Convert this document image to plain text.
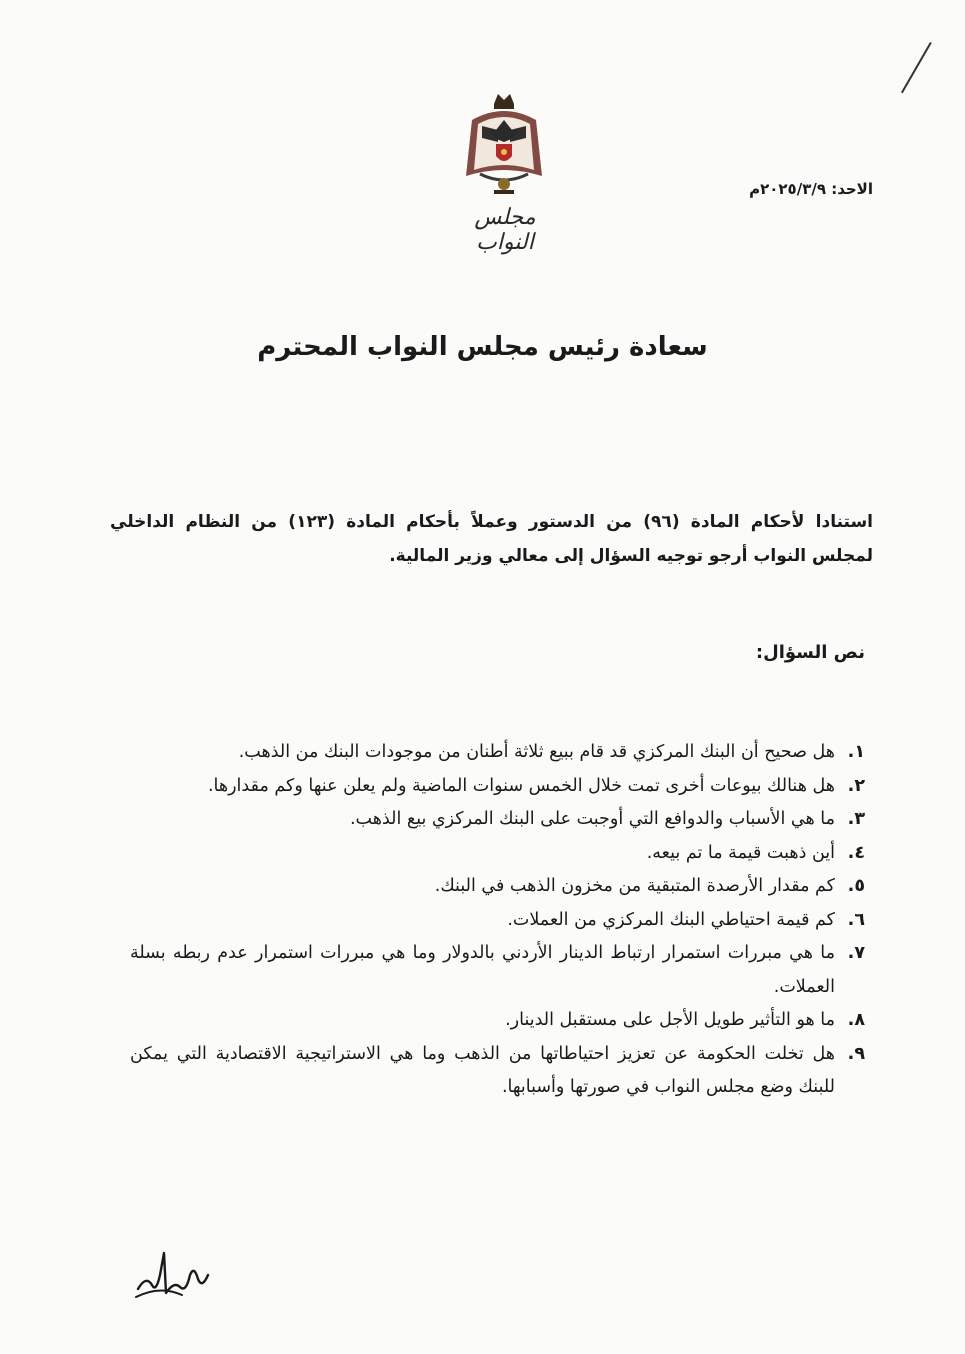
مجلس النواب
الاحد: ٢٠٢٥/٣/٩م
سعادة رئيس مجلس النواب المحترم
استنادا لأحكام المادة (٩٦) من الدستور وعملاً بأحكام المادة (١٢٣) من النظام الداخلي لمجلس النواب أرجو توجيه السؤال إلى معالي وزير المالية.
نص السؤال:
١.
هل صحيح أن البنك المركزي قد قام ببيع ثلاثة أطنان من موجودات البنك من الذهب.
٢.
هل هنالك بيوعات أخرى تمت خلال الخمس سنوات الماضية ولم يعلن عنها وكم مقدارها.
٣.
ما هي الأسباب والدوافع التي أوجبت على البنك المركزي بيع الذهب.
٤.
أين ذهبت قيمة ما تم بيعه.
٥.
كم مقدار الأرصدة المتبقية من مخزون الذهب في البنك.
٦.
كم قيمة احتياطي البنك المركزي من العملات.
٧.
ما هي مبررات استمرار ارتباط الدينار الأردني بالدولار وما هي مبررات استمرار عدم ربطه بسلة العملات.
٨.
ما هو التأثير طويل الأجل على مستقبل الدينار.
٩.
هل تخلت الحكومة عن تعزيز احتياطاتها من الذهب وما هي الاستراتيجية الاقتصادية التي يمكن للبنك وضع مجلس النواب في صورتها وأسبابها.
